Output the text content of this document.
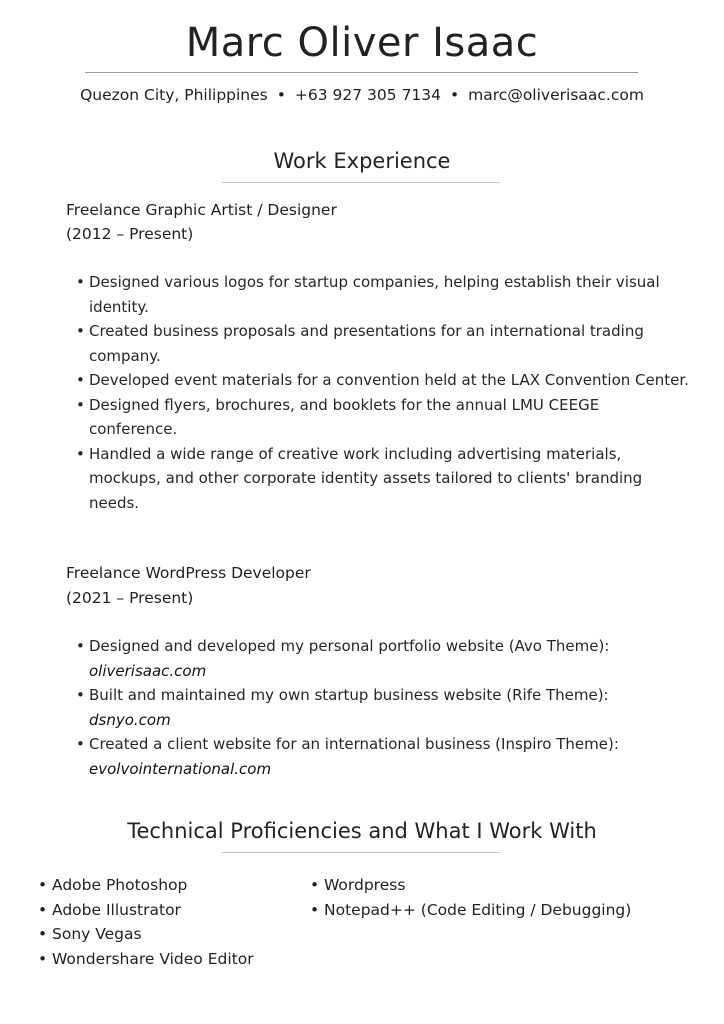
Marc Oliver Isaac
Quezon City, Philippines • +63 927 305 7134 • marc@oliverisaac.com
Work Experience
Freelance Graphic Artist / Designer
(2012 – Present)
• Designed various logos for startup companies, helping establish their visual identity.
• Created business proposals and presentations for an international trading company.
• Developed event materials for a convention held at the LAX Convention Center.
• Designed flyers, brochures, and booklets for the annual LMU CEEGE conference.
• Handled a wide range of creative work including advertising materials, mockups, and other corporate identity assets tailored to clients' branding needs.
Freelance WordPress Developer
(2021 – Present)
• Designed and developed my personal portfolio website (Avo Theme):
oliverisaac.com
• Built and maintained my own startup business website (Rife Theme):
dsnyo.com
• Created a client website for an international business (Inspiro Theme):
evolvointernational.com
Technical Proficiencies and What I Work With
• Adobe Photoshop
• Adobe Illustrator
• Sony Vegas
• Wondershare Video Editor
• Wordpress
• Notepad++ (Code Editing / Debugging)
